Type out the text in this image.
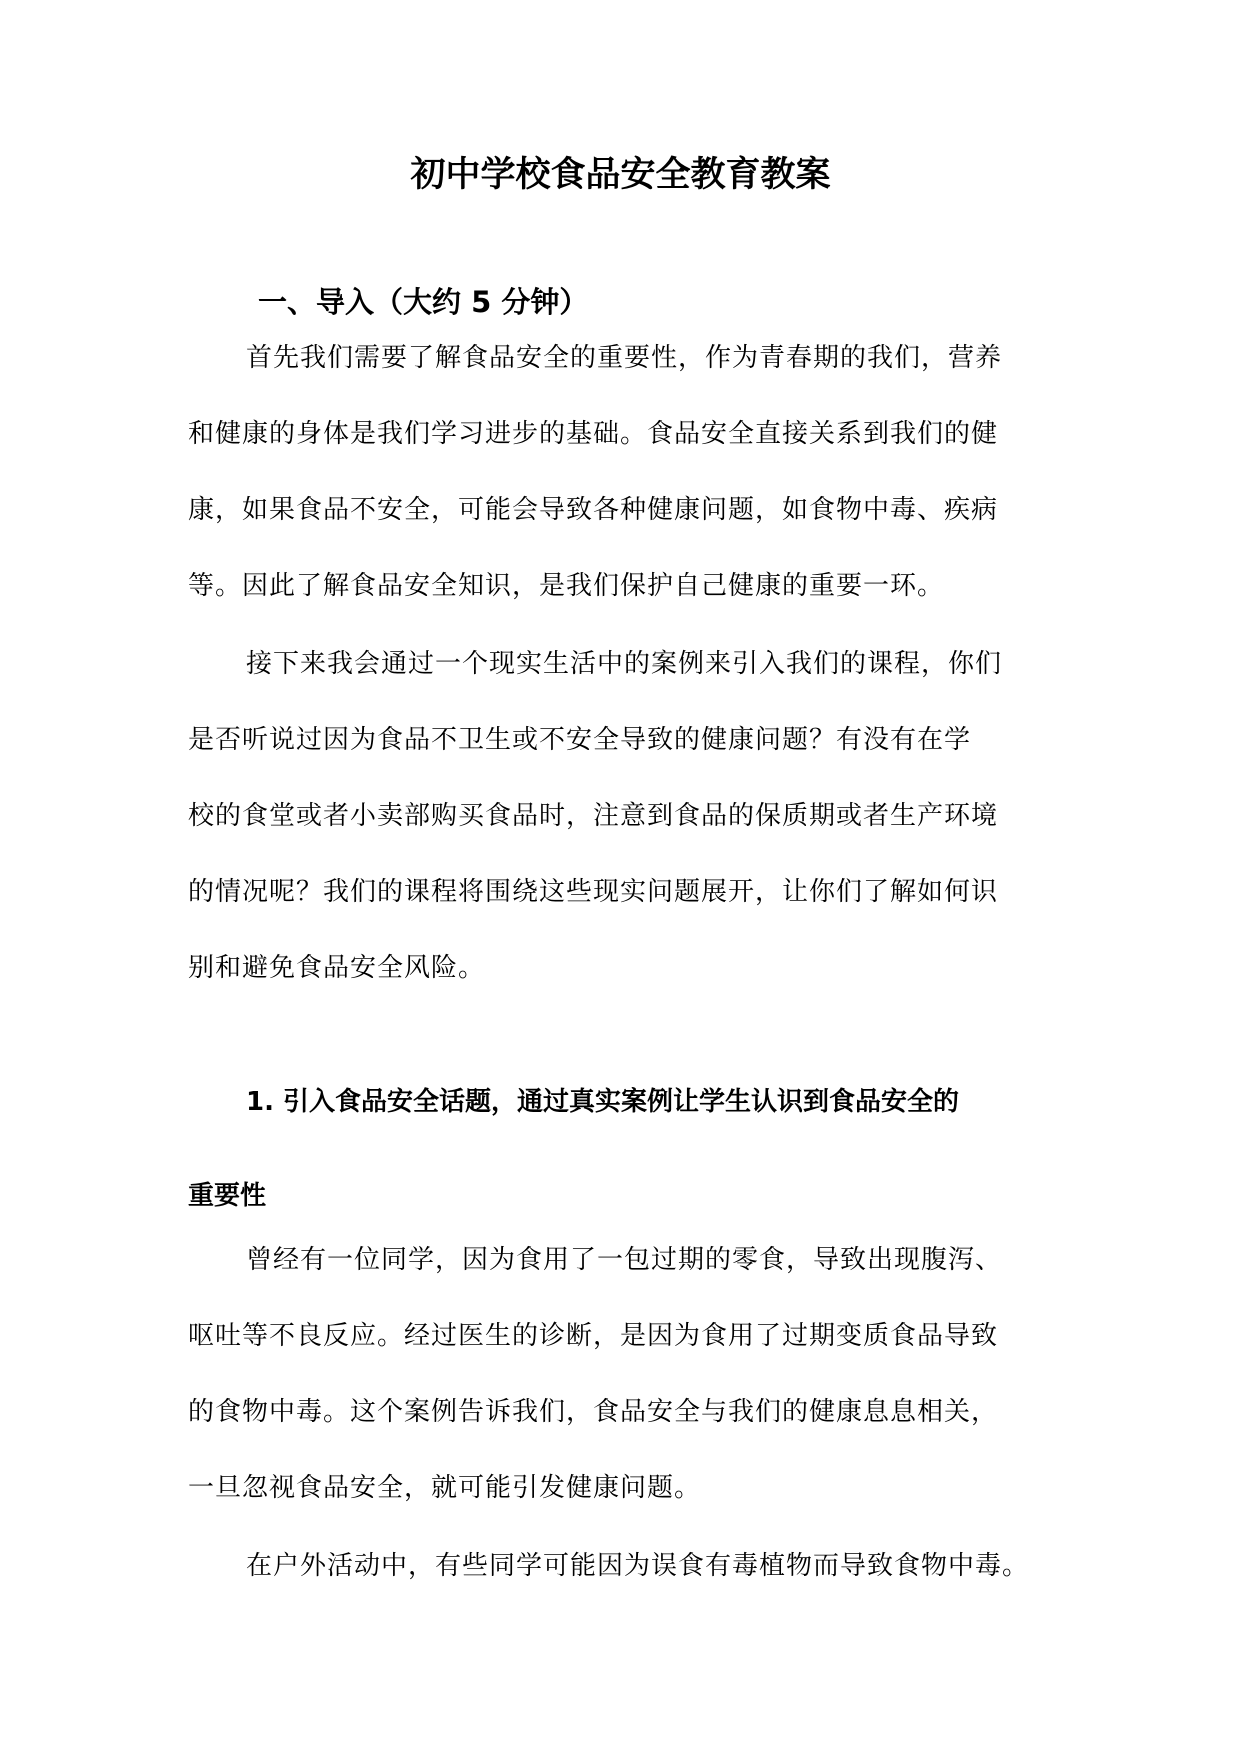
初中学校食品安全教育教案
一、导入（大约 5 分钟）

首先我们需要了解食品安全的重要性，作为青春期的我们，营养
和健康的身体是我们学习进步的基础。食品安全直接关系到我们的健
康，如果食品不安全，可能会导致各种健康问题，如食物中毒、疾病
等。因此了解食品安全知识，是我们保护自己健康的重要一环。

接下来我会通过一个现实生活中的案例来引入我们的课程，你们
是否听说过因为食品不卫生或不安全导致的健康问题？有没有在学
校的食堂或者小卖部购买食品时，注意到食品的保质期或者生产环境
的情况呢？我们的课程将围绕这些现实问题展开，让你们了解如何识
别和避免食品安全风险。

1. 引入食品安全话题，通过真实案例让学生认识到食品安全的
重要性

曾经有一位同学，因为食用了一包过期的零食，导致出现腹泻、
呕吐等不良反应。经过医生的诊断，是因为食用了过期变质食品导致
的食物中毒。这个案例告诉我们，食品安全与我们的健康息息相关，
一旦忽视食品安全，就可能引发健康问题。

在户外活动中，有些同学可能因为误食有毒植物而导致食物中毒。
